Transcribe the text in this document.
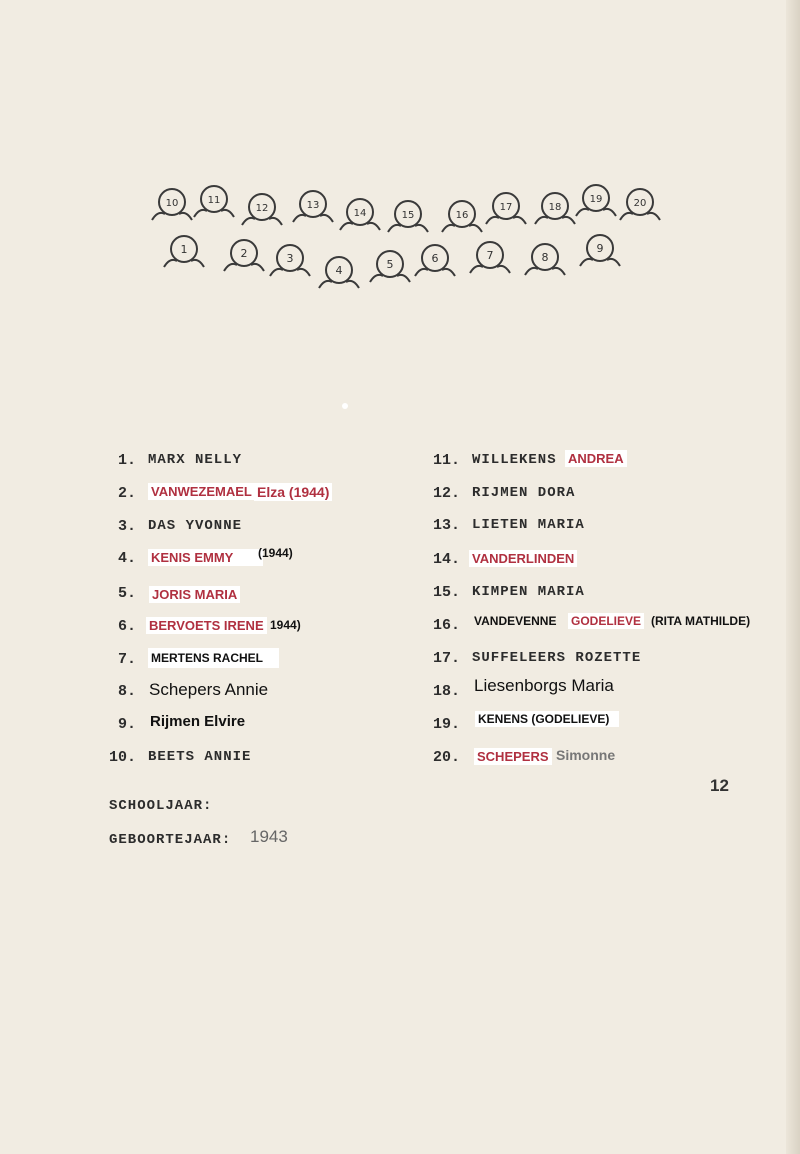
10	11
12	13
14	15	16
17	18
19	20
1	2	3
4	5	6	7	8
9
1. MARX NELLY
2. VANWEZEMAEL Elza (1944)
3. DAS YVONNE
4. KENIS EMMY	(1944)
5. JORIS MARIA
6. BERVOETS IRENE 1944)
7. MERTENS RACHEL
8. Schepers Annie
9. Rijmen Elvire
10. BEETS ANNIE
11. WILLEKENS ANDREA
12. RIJMEN DORA
13. LIETEN MARIA
14. VANDERLINDEN
15. KIMPEN MARIA
16. VANDEVENNE GODELIEVE (RITA MATHILDE)
17. SUFFELEERS ROZETTE
18. Liesenborgs Maria
19. KENENS (GODELIEVE)
20. SCHEPERS Simonne
SCHOOLJAAR:
GEBOORTEJAAR: 1943
12
